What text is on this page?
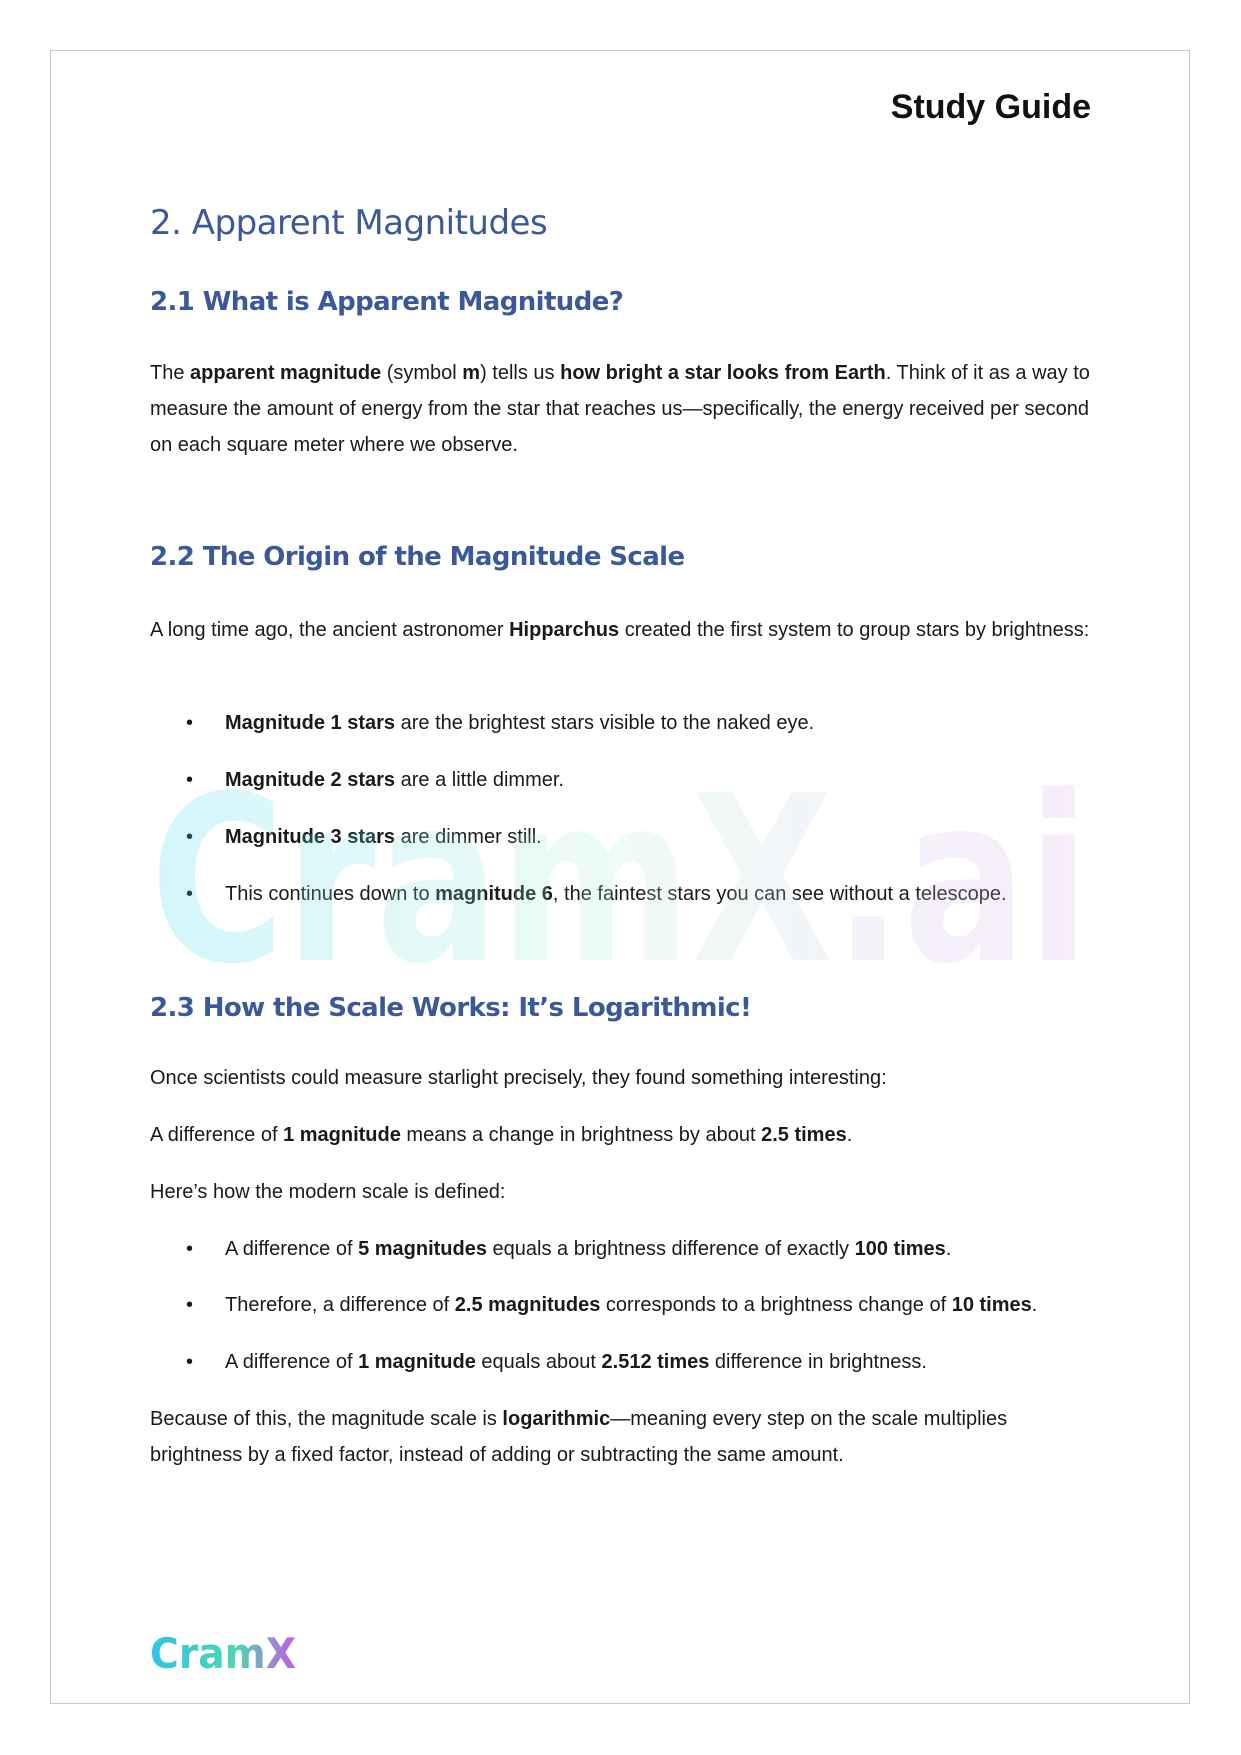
Study Guide
2. Apparent Magnitudes
2.1 What is Apparent Magnitude?
The apparent magnitude (symbol m) tells us how bright a star looks from Earth. Think of it as a way to measure the amount of energy from the star that reaches us—specifically, the energy received per second on each square meter where we observe.
2.2 The Origin of the Magnitude Scale
A long time ago, the ancient astronomer Hipparchus created the first system to group stars by brightness:
• Magnitude 1 stars are the brightest stars visible to the naked eye.
• Magnitude 2 stars are a little dimmer.
• Magnitude 3 stars are dimmer still.
• This continues down to magnitude 6, the faintest stars you can see without a telescope.
CramX.ai
2.3 How the Scale Works: It’s Logarithmic!
Once scientists could measure starlight precisely, they found something interesting:
A difference of 1 magnitude means a change in brightness by about 2.5 times.
Here’s how the modern scale is defined:
• A difference of 5 magnitudes equals a brightness difference of exactly 100 times.
• Therefore, a difference of 2.5 magnitudes corresponds to a brightness change of 10 times.
• A difference of 1 magnitude equals about 2.512 times difference in brightness.
Because of this, the magnitude scale is logarithmic—meaning every step on the scale multiplies brightness by a fixed factor, instead of adding or subtracting the same amount.
CramX
